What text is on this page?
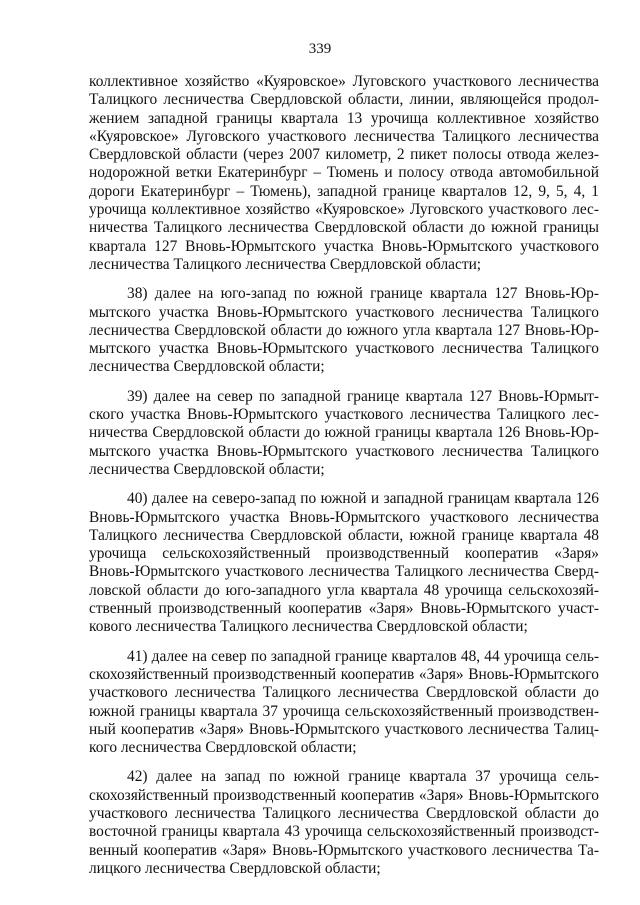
339
коллективное хозяйство «Куяровское» Луговского участкового лесничества
Талицкого лесничества Свердловской области, линии, являющейся продол-
жением западной границы квартала 13 урочища коллективное хозяйство
«Куяровское» Луговского участкового лесничества Талицкого лесничества
Свердловской области (через 2007 километр, 2 пикет полосы отвода желез-
нодорожной ветки Екатеринбург – Тюмень и полосу отвода автомобильной
дороги Екатеринбург – Тюмень), западной границе кварталов 12, 9, 5, 4, 1
урочища коллективное хозяйство «Куяровское» Луговского участкового лес-
ничества Талицкого лесничества Свердловской области до южной границы
квартала 127 Вновь-Юрмытского участка Вновь-Юрмытского участкового
лесничества Талицкого лесничества Свердловской области;
38) далее на юго-запад по южной границе квартала 127 Вновь-Юр-
мытского участка Вновь-Юрмытского участкового лесничества Талицкого
лесничества Свердловской области до южного угла квартала 127 Вновь-Юр-
мытского участка Вновь-Юрмытского участкового лесничества Талицкого
лесничества Свердловской области;
39) далее на север по западной границе квартала 127 Вновь-Юрмыт-
ского участка Вновь-Юрмытского участкового лесничества Талицкого лес-
ничества Свердловской области до южной границы квартала 126 Вновь-Юр-
мытского участка Вновь-Юрмытского участкового лесничества Талицкого
лесничества Свердловской области;
40) далее на северо-запад по южной и западной границам квартала 126
Вновь-Юрмытского участка Вновь-Юрмытского участкового лесничества
Талицкого лесничества Свердловской области, южной границе квартала 48
урочища сельскохозяйственный производственный кооператив «Заря»
Вновь-Юрмытского участкового лесничества Талицкого лесничества Сверд-
ловской области до юго-западного угла квартала 48 урочища сельскохозяй-
ственный производственный кооператив «Заря» Вновь-Юрмытского участ-
кового лесничества Талицкого лесничества Свердловской области;
41) далее на север по западной границе кварталов 48, 44 урочища сель-
скохозяйственный производственный кооператив «Заря» Вновь-Юрмытского
участкового лесничества Талицкого лесничества Свердловской области до
южной границы квартала 37 урочища сельскохозяйственный производствен-
ный кооператив «Заря» Вновь-Юрмытского участкового лесничества Талиц-
кого лесничества Свердловской области;
42) далее на запад по южной границе квартала 37 урочища сель-
скохозяйственный производственный кооператив «Заря» Вновь-Юрмытского
участкового лесничества Талицкого лесничества Свердловской области до
восточной границы квартала 43 урочища сельскохозяйственный производст-
венный кооператив «Заря» Вновь-Юрмытского участкового лесничества Та-
лицкого лесничества Свердловской области;
